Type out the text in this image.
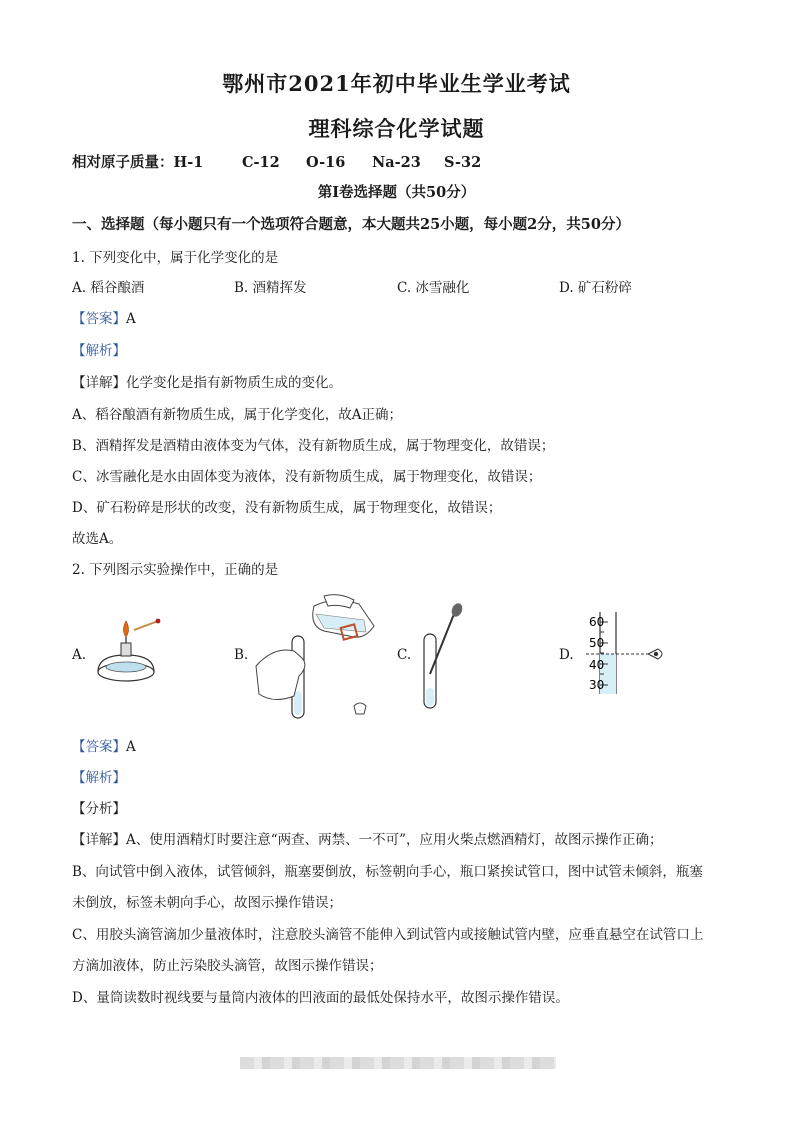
鄂州市2021年初中毕业生学业考试
理科综合化学试题
相对原子质量：H-1	C-12 O-16 Na-23 S-32
第Ⅰ卷选择题（共50分）
一、选择题（每小题只有一个选项符合题意，本大题共25小题，每小题2分，共50分）
1. 下列变化中，属于化学变化的是
A. 稻谷酿酒	B. 酒精挥发	C. 冰雪融化	D. 矿石粉碎
【答案】A
【解析】
【详解】化学变化是指有新物质生成的变化。
A、稻谷酿酒有新物质生成，属于化学变化，故A正确；
B、酒精挥发是酒精由液体变为气体，没有新物质生成，属于物理变化，故错误；
C、冰雪融化是水由固体变为液体，没有新物质生成，属于物理变化，故错误；
D、矿石粉碎是形状的改变，没有新物质生成，属于物理变化，故错误；
故选A。
2. 下列图示实验操作中，正确的是
A.	B.	C.	D.
60
50
40
30
【答案】A
【解析】
【分析】
【详解】A、使用酒精灯时要注意“两查、两禁、一不可”，应用火柴点燃酒精灯，故图示操作正确；
B、向试管中倒入液体，试管倾斜，瓶塞要倒放，标签朝向手心，瓶口紧挨试管口，图中试管未倾斜，瓶塞
未倒放，标签未朝向手心，故图示操作错误；
C、用胶头滴管滴加少量液体时，注意胶头滴管不能伸入到试管内或接触试管内壁，应垂直悬空在试管口上
方滴加液体，防止污染胶头滴管，故图示操作错误；
D、量筒读数时视线要与量筒内液体的凹液面的最低处保持水平，故图示操作错误。
